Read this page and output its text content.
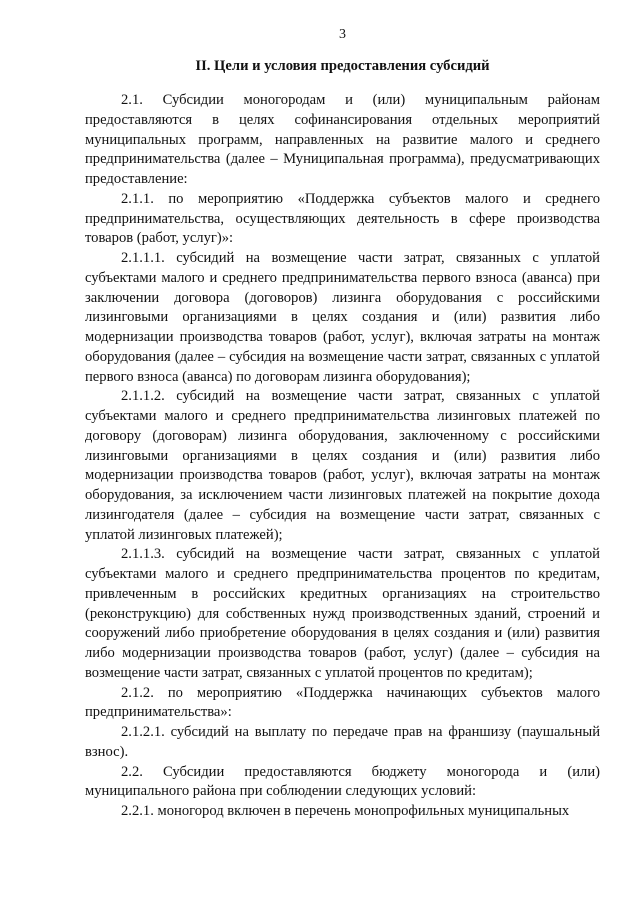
3
II. Цели и условия предоставления субсидий

2.1. Субсидии моногородам и (или) муниципальным районам предоставляются в целях софинансирования отдельных мероприятий муниципальных программ, направленных на развитие малого и среднего предпринимательства (далее – Муниципальная программа), предусматривающих предоставление:

2.1.1. по мероприятию «Поддержка субъектов малого и среднего предпринимательства, осуществляющих деятельность в сфере производства товаров (работ, услуг)»:

2.1.1.1. субсидий на возмещение части затрат, связанных с уплатой субъектами малого и среднего предпринимательства первого взноса (аванса) при заключении договора (договоров) лизинга оборудования с российскими лизинговыми организациями в целях создания и (или) развития либо модернизации производства товаров (работ, услуг), включая затраты на монтаж оборудования (далее – субсидия на возмещение части затрат, связанных с уплатой первого взноса (аванса) по договорам лизинга оборудования);

2.1.1.2. субсидий на возмещение части затрат, связанных с уплатой субъектами малого и среднего предпринимательства лизинговых платежей по договору (договорам) лизинга оборудования, заключенному с российскими лизинговыми организациями в целях создания и (или) развития либо модернизации производства товаров (работ, услуг), включая затраты на монтаж оборудования, за исключением части лизинговых платежей на покрытие дохода лизингодателя (далее – субсидия на возмещение части затрат, связанных с уплатой лизинговых платежей);

2.1.1.3. субсидий на возмещение части затрат, связанных с уплатой субъектами малого и среднего предпринимательства процентов по кредитам, привлеченным в российских кредитных организациях на строительство (реконструкцию) для собственных нужд производственных зданий, строений и сооружений либо приобретение оборудования в целях создания и (или) развития либо модернизации производства товаров (работ, услуг) (далее – субсидия на возмещение части затрат, связанных с уплатой процентов по кредитам);

2.1.2. по мероприятию «Поддержка начинающих субъектов малого предпринимательства»:

2.1.2.1. субсидий на выплату по передаче прав на франшизу (паушальный взнос).

2.2. Субсидии предоставляются бюджету моногорода и (или) муниципального района при соблюдении следующих условий:

2.2.1. моногород включен в перечень монопрофильных муниципальных
